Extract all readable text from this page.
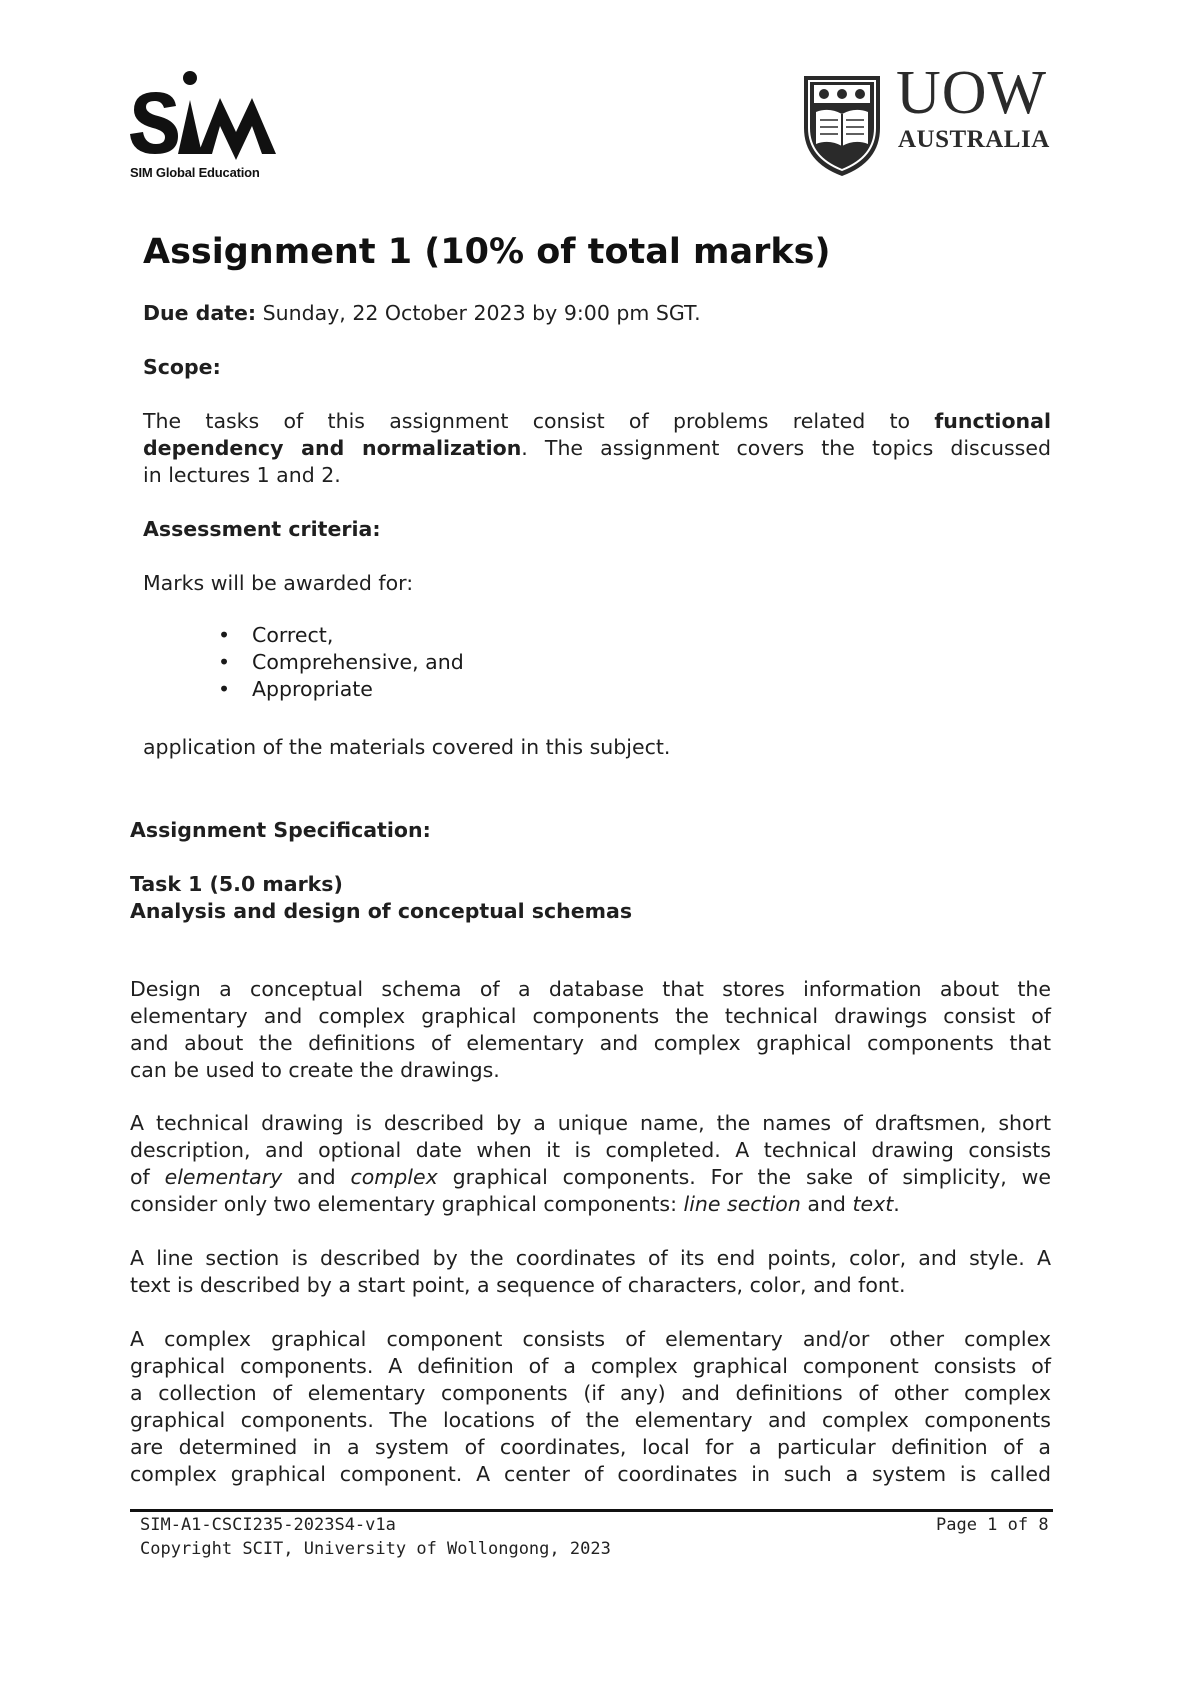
SIM Global Education
UOW
AUSTRALIA
Assignment 1 (10% of total marks)
Due date: Sunday, 22 October 2023 by 9:00 pm SGT.
Scope:
The tasks of this assignment consist of problems related to functional
dependency and normalization. The assignment covers the topics discussed
in lectures 1 and 2.
Assessment criteria:
Marks will be awarded for:
• Correct,
• Comprehensive, and
• Appropriate
application of the materials covered in this subject.
Assignment Specification:
Task 1 (5.0 marks)
Analysis and design of conceptual schemas
Design a conceptual schema of a database that stores information about the
elementary and complex graphical components the technical drawings consist of
and about the definitions of elementary and complex graphical components that
can be used to create the drawings.
A technical drawing is described by a unique name, the names of draftsmen, short
description, and optional date when it is completed. A technical drawing consists
of elementary and complex graphical components. For the sake of simplicity, we
consider only two elementary graphical components: line section and text.
A line section is described by the coordinates of its end points, color, and style. A
text is described by a start point, a sequence of characters, color, and font.
A complex graphical component consists of elementary and/or other complex
graphical components. A definition of a complex graphical component consists of
a collection of elementary components (if any) and definitions of other complex
graphical components. The locations of the elementary and complex components
are determined in a system of coordinates, local for a particular definition of a
complex graphical component. A center of coordinates in such a system is called
SIM-A1-CSCI235-2023S4-v1a	Page 1 of 8
Copyright SCIT, University of Wollongong, 2023
